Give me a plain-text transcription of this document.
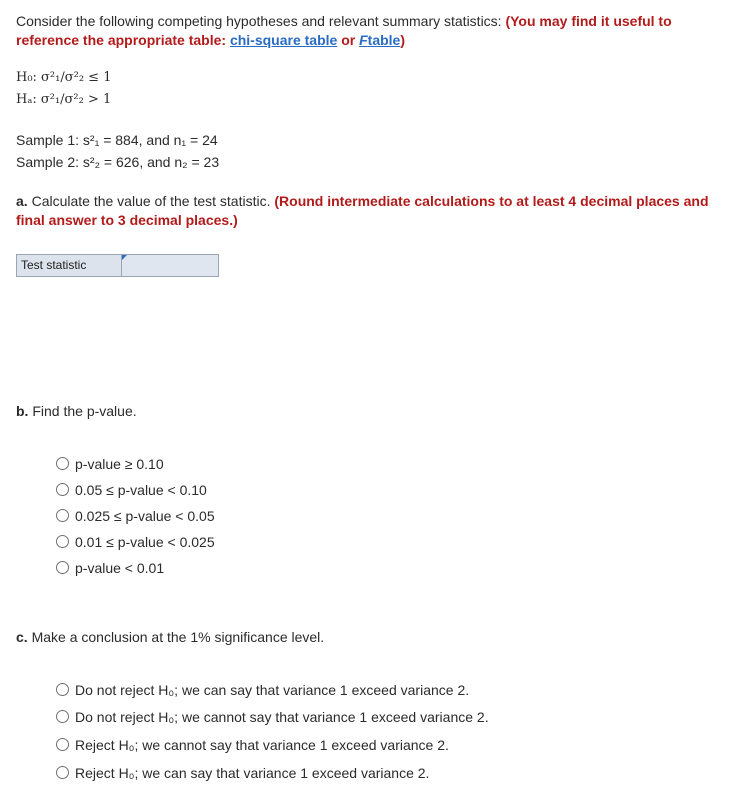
Consider the following competing hypotheses and relevant summary statistics: (You may find it useful to reference the appropriate table: chi-square table or Ftable)
H₀: σ²₁/σ²₂ ≤ 1
Hₐ: σ²₁/σ²₂ > 1
Sample 1: s²₁ = 884, and n₁ = 24
Sample 2: s²₂ = 626, and n₂ = 23
a. Calculate the value of the test statistic. (Round intermediate calculations to at least 4 decimal places and final answer to 3 decimal places.)
Test statistic
b. Find the p-value.
p-value ≥ 0.10
0.05 ≤ p-value < 0.10
0.025 ≤ p-value < 0.05
0.01 ≤ p-value < 0.025
p-value < 0.01
c. Make a conclusion at the 1% significance level.
Do not reject H₀; we can say that variance 1 exceed variance 2.
Do not reject H₀; we cannot say that variance 1 exceed variance 2.
Reject H₀; we cannot say that variance 1 exceed variance 2.
Reject H₀; we can say that variance 1 exceed variance 2.
